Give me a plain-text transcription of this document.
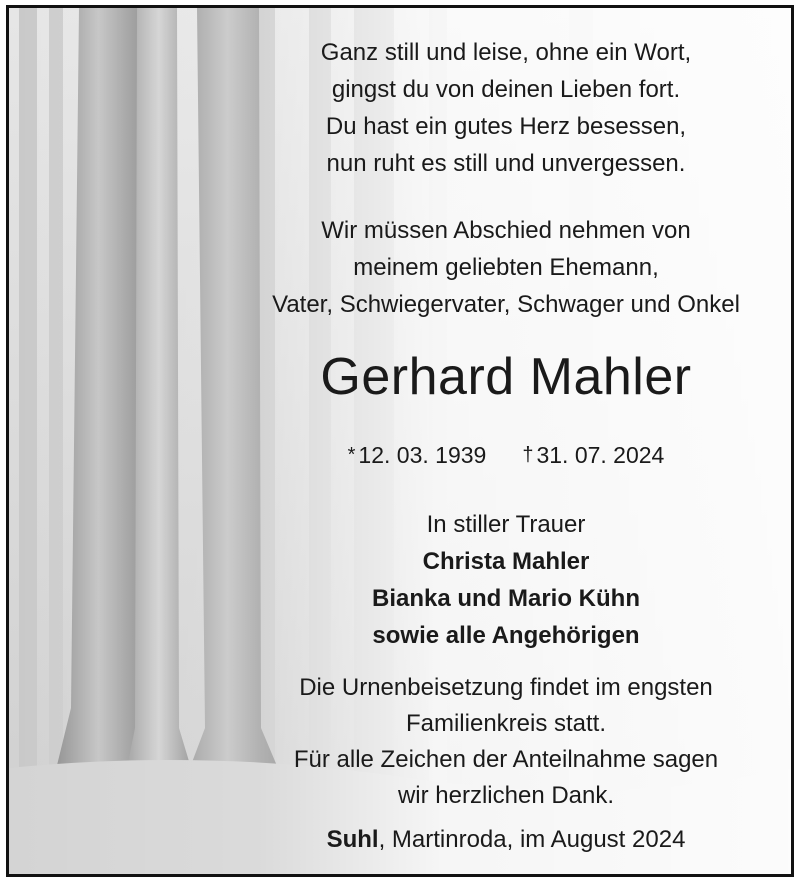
Ganz still und leise, ohne ein Wort,
gingst du von deinen Lieben fort.
Du hast ein gutes Herz besessen,
nun ruht es still und unvergessen.
Wir müssen Abschied nehmen von
meinem geliebten Ehemann,
Vater, Schwiegervater, Schwager und Onkel
Gerhard Mahler
* 12. 03. 1939 † 31. 07. 2024
In stiller Trauer
Christa Mahler
Bianka und Mario Kühn
sowie alle Angehörigen
Die Urnenbeisetzung findet im engsten
Familienkreis statt.
Für alle Zeichen der Anteilnahme sagen
wir herzlichen Dank.
Suhl, Martinroda, im August 2024
